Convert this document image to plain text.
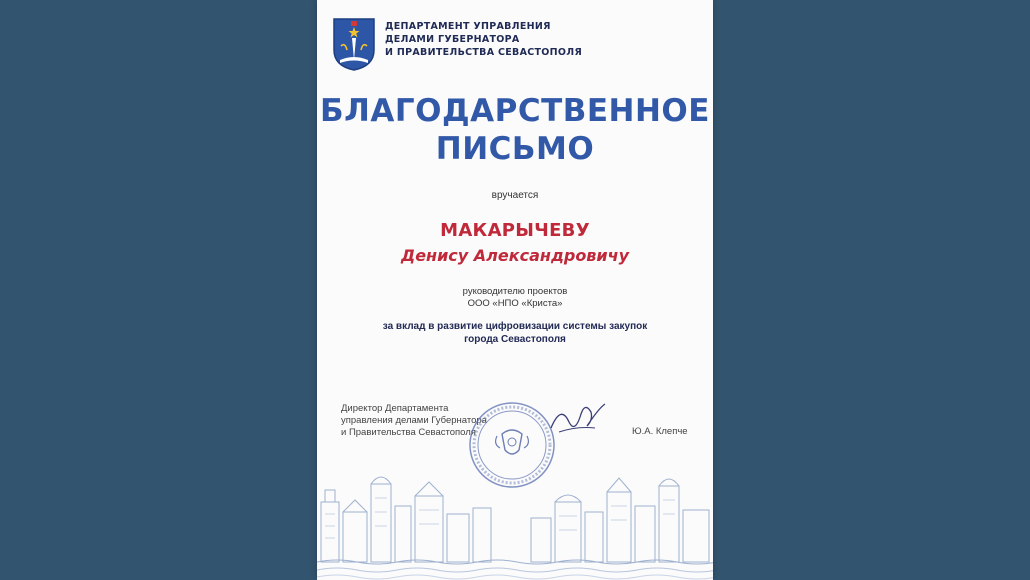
ДЕПАРТАМЕНТ УПРАВЛЕНИЯ
ДЕЛАМИ ГУБЕРНАТОРА
И ПРАВИТЕЛЬСТВА СЕВАСТОПОЛЯ
БЛАГОДАРСТВЕННОЕ
ПИСЬМО
вручается
МАКАРЫЧЕВУ
Денису Александровичу
руководителю проектов
ООО «НПО «Криста»
за вклад в развитие цифровизации системы закупок
города Севастополя
Директор Департамента
управления делами Губернатора
и Правительства Севастополя	Ю.А. Клепче
